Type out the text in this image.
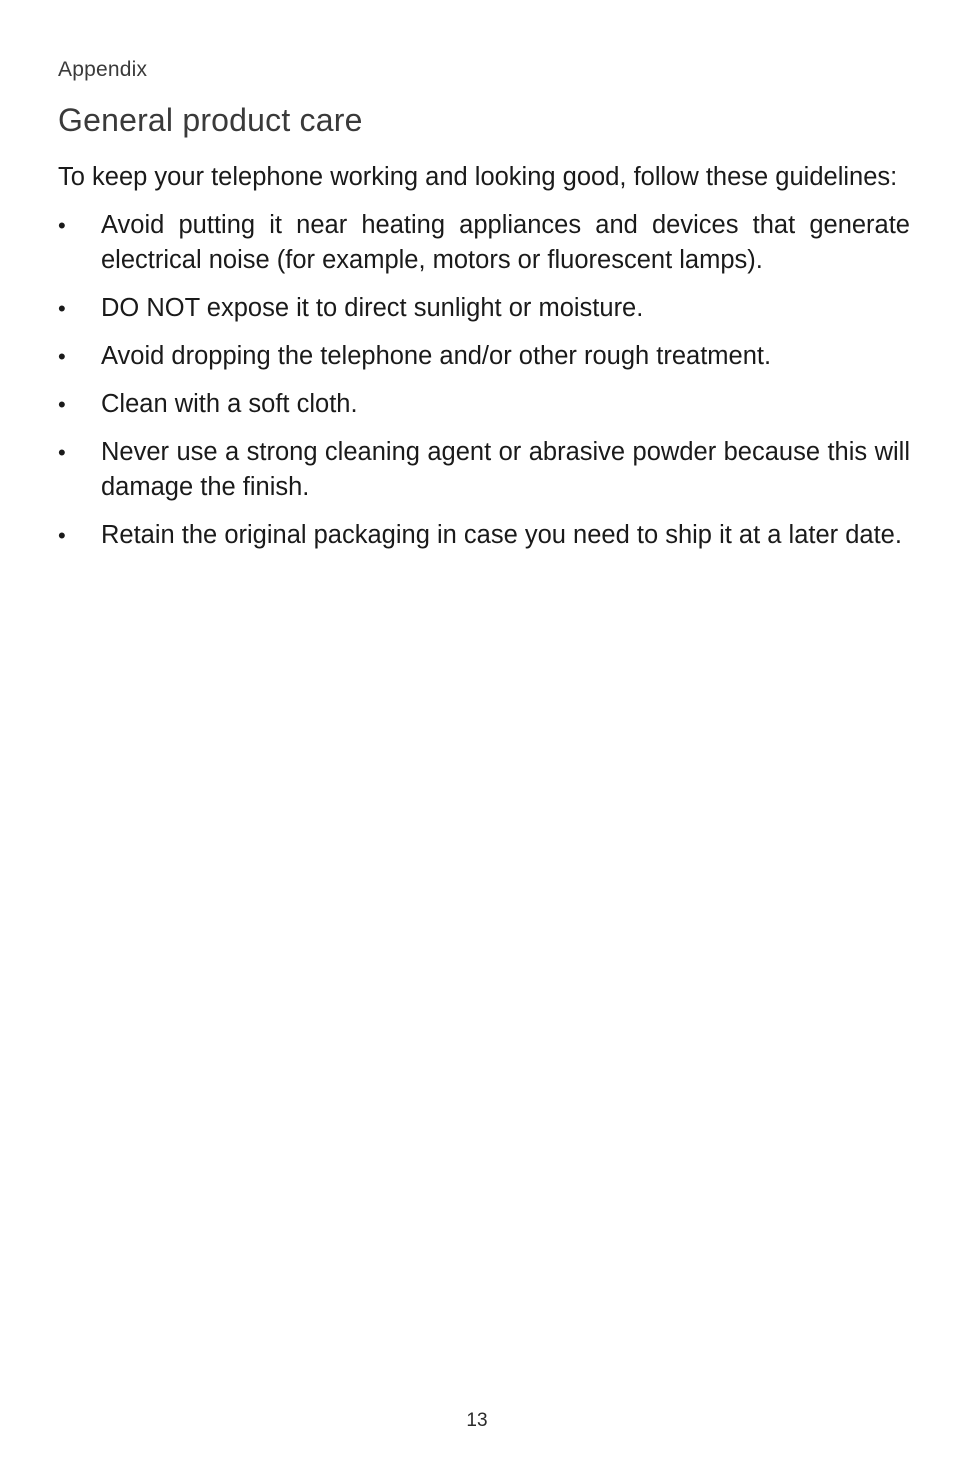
Appendix
General product care

To keep your telephone working and looking good, follow these guidelines:

•	Avoid putting it near heating appliances and devices that generate electrical noise (for example, motors or fluorescent lamps).
•	DO NOT expose it to direct sunlight or moisture.
•	Avoid dropping the telephone and/or other rough treatment.
•	Clean with a soft cloth.
•	Never use a strong cleaning agent or abrasive powder because this will damage the finish.
•	Retain the original packaging in case you need to ship it at a later date.
13
